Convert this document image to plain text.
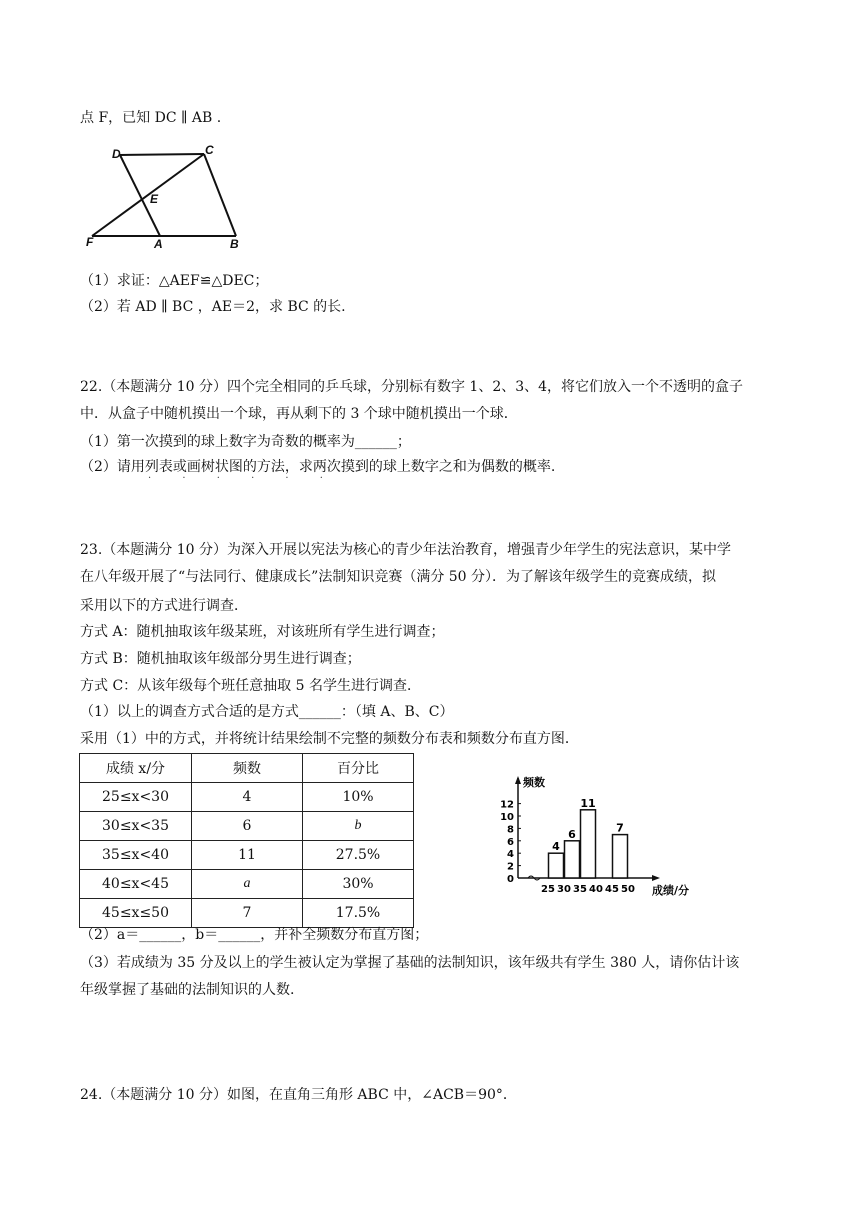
点 F，已知 DC ∥ AB .
D	C
E
F	A	B
（1）求证：△AEF≌△DEC；
（2）若 AD ∥ BC ，AE＝2，求 BC 的长.
22.（本题满分 10 分）四个完全相同的乒乓球，分别标有数字 1、2、3、4，将它们放入一个不透明的盒子
中．从盒子中随机摸出一个球，再从剩下的 3 个球中随机摸出一个球．
（1）第一次摸到的球上数字为奇数的概率为______；
（2）请用列表或画树状图的方法，求两次摸到的球上数字之和为偶数的概率.
· · · · · ·
23.（本题满分 10 分）为深入开展以宪法为核心的青少年法治教育，增强青少年学生的宪法意识，某中学
在八年级开展了“与法同行、健康成长”法制知识竞赛（满分 50 分）．为了解该年级学生的竞赛成绩，拟
采用以下的方式进行调查．
方式 A：随机抽取该年级某班，对该班所有学生进行调查；
方式 B：随机抽取该年级部分男生进行调查；
方式 C：从该年级每个班任意抽取 5 名学生进行调查．
（1）以上的调查方式合适的是方式______：（填 A、B、C）
采用（1）中的方式，并将统计结果绘制不完整的频数分布表和频数分布直方图．
成绩 x/分	频数	百分比
25≤x<30	4	10%
30≤x<35	6	b
35≤x<40	11	27.5%
40≤x<45	a	30%
45≤x≤50	7	17.5%
频数
成绩/分
0
2
4
6
8
10
12
25 30 35 40 45 50
4
6
11
7
（2）a＝______，b＝______，并补全频数分布直方图；
（3）若成绩为 35 分及以上的学生被认定为掌握了基础的法制知识，该年级共有学生 380 人，请你估计该
年级掌握了基础的法制知识的人数.
24.（本题满分 10 分）如图，在直角三角形 ABC 中，∠ACB＝90°．
